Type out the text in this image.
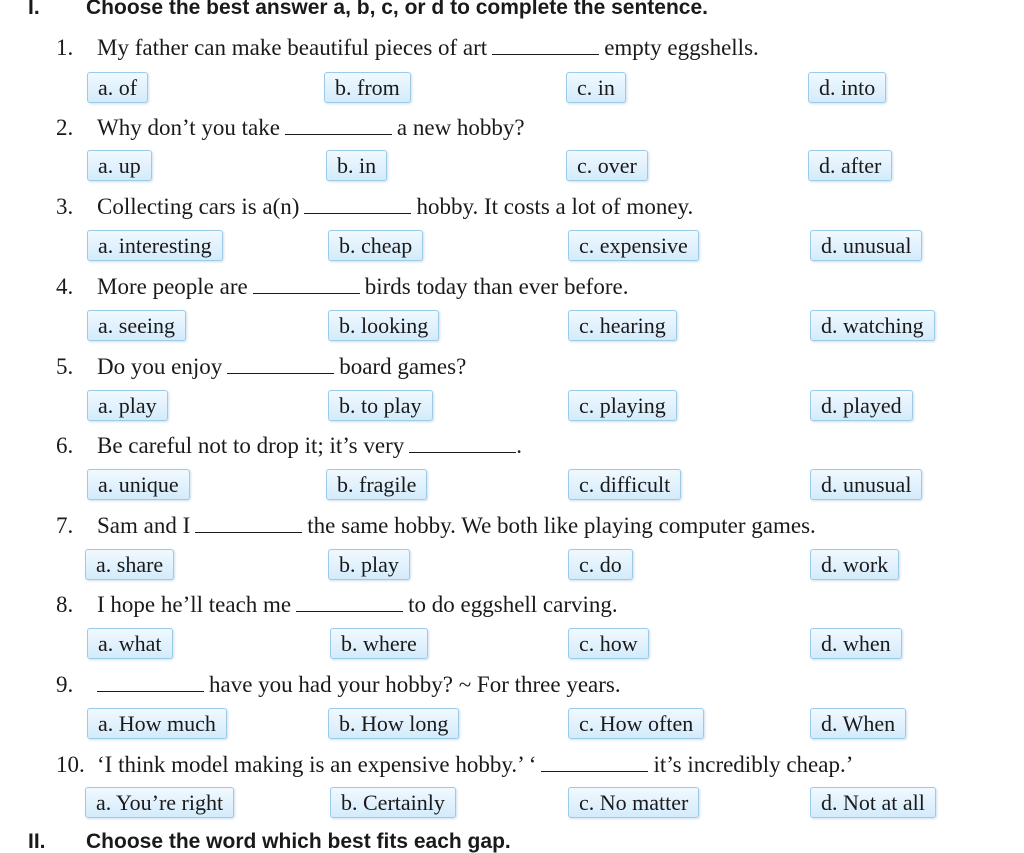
I. Choose the best answer a, b, c, or d to complete the sentence.
1. My father can make beautiful pieces of art	empty eggshells.
a. of	b. from	c. in	d. into
2. Why don’t you take	a new hobby?
a. up	b. in	c. over	d. after
3. Collecting cars is a(n)	hobby. It costs a lot of money.
a. interesting	b. cheap	c. expensive	d. unusual
4. More people are	birds today than ever before.
a. seeing	b. looking	c. hearing	d. watching
5. Do you enjoy	board games?
a. play	b. to play	c. playing	d. played
6. Be careful not to drop it; it’s very	.
a. unique	b. fragile	c. difficult	d. unusual
7. Sam and I	the same hobby. We both like playing computer games.
a. share	b. play	c. do	d. work
8. I hope he’ll teach me	to do eggshell carving.
a. what	b. where	c. how	d. when
9.	have you had your hobby? ~ For three years.
a. How much	b. How long	c. How often	d. When
10. ‘I think model making is an expensive hobby.’ ‘	it’s incredibly cheap.’
a. You’re right	b. Certainly	c. No matter	d. Not at all
II. Choose the word which best fits each gap.
